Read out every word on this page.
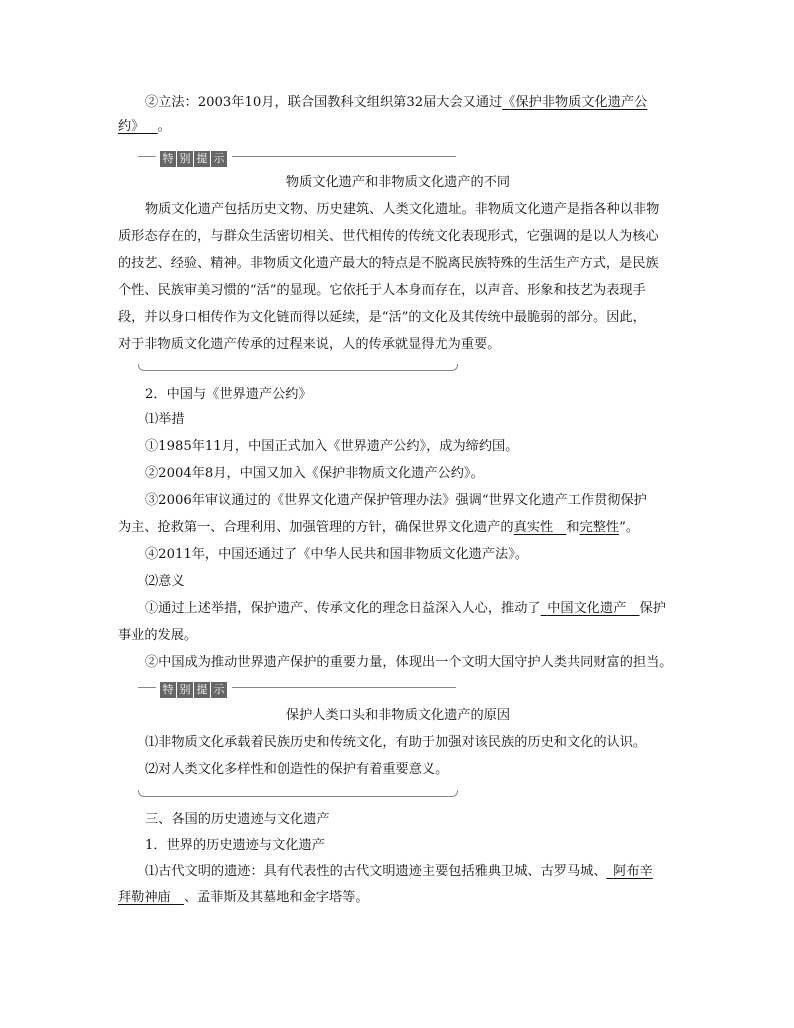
②立法：2003年10月，联合国教科文组织第32届大会又通过《保护非物质文化遗产公
约》  。
特 别 提 示
物质文化遗产和非物质文化遗产的不同
物质文化遗产包括历史文物、历史建筑、人类文化遗址。非物质文化遗产是指各种以非物
质形态存在的，与群众生活密切相关、世代相传的传统文化表现形式，它强调的是以人为核心
的技艺、经验、精神。非物质文化遗产最大的特点是不脱离民族特殊的生活生产方式，是民族
个性、民族审美习惯的“活”的显现。它依托于人本身而存在，以声音、形象和技艺为表现手
段，并以身口相传作为文化链而得以延续，是“活”的文化及其传统中最脆弱的部分。因此，
对于非物质文化遗产传承的过程来说，人的传承就显得尤为重要。
2．中国与《世界遗产公约》
⑴举措
①1985年11月，中国正式加入《世界遗产公约》，成为缔约国。
②2004年8月，中国又加入《保护非物质文化遗产公约》。
③2006年审议通过的《世界文化遗产保护管理办法》强调“世界文化遗产工作贯彻保护
为主、抢救第一、合理利用、加强管理的方针，确保世界文化遗产的真实性  和完整性”。
④2011年，中国还通过了《中华人民共和国非物质文化遗产法》。
⑵意义
①通过上述举措，保护遗产、传承文化的理念日益深入人心，推动了  中国文化遗产  保护
事业的发展。
②中国成为推动世界遗产保护的重要力量，体现出一个文明大国守护人类共同财富的担当。
特 别 提 示
保护人类口头和非物质文化遗产的原因
⑴非物质文化承载着民族历史和传统文化，有助于加强对该民族的历史和文化的认识。
⑵对人类文化多样性和创造性的保护有着重要意义。
三、各国的历史遗迹与文化遗产
1．世界的历史遗迹与文化遗产
⑴古代文明的遗迹：具有代表性的古代文明遗迹主要包括雅典卫城、古罗马城、  阿布辛
拜勒神庙  、孟菲斯及其墓地和金字塔等。
